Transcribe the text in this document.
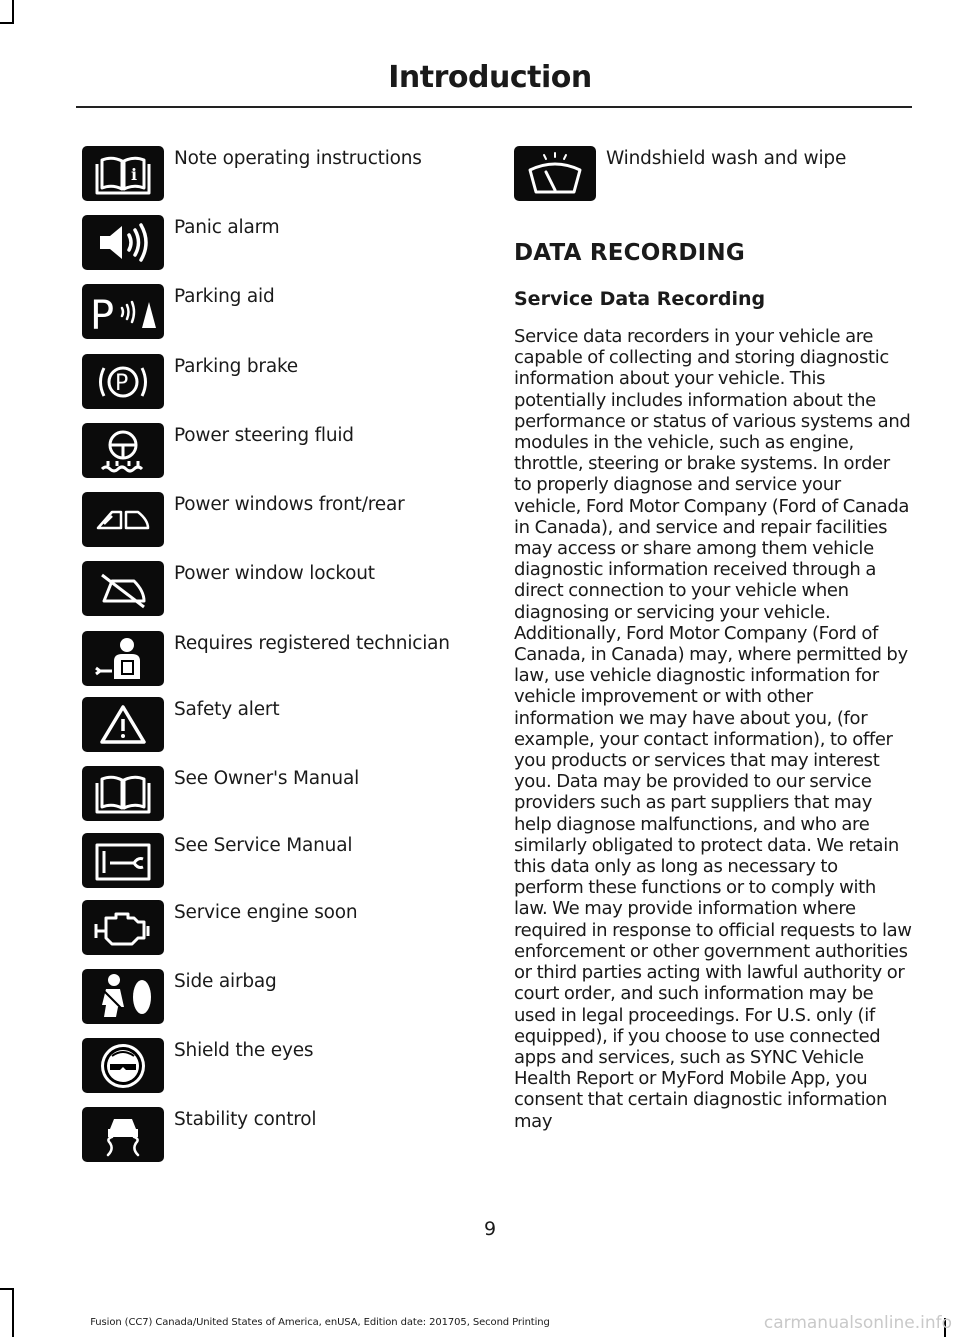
Introduction
i
Note operating instructions
Panic alarm
P	Parking aid
P
Parking brake
Power steering fluid
Power windows front/rear
Power window lockout
Requires registered technician
Safety alert
See Owner's Manual
See Service Manual
Service engine soon
Side airbag
Shield the eyes
Stability control
Windshield wash and wipe
DATA RECORDING
Service Data Recording
Service data recorders in your vehicle are capable of collecting and storing diagnostic information about your vehicle. This potentially includes information about the performance or status of various systems and modules in the vehicle, such as engine, throttle, steering or brake systems. In order to properly diagnose and service your vehicle, Ford Motor Company (Ford of Canada in Canada), and service and repair facilities may access or share among them vehicle diagnostic information received through a direct connection to your vehicle when diagnosing or servicing your vehicle. Additionally, Ford Motor Company (Ford of Canada, in Canada) may, where permitted by law, use vehicle diagnostic information for vehicle improvement or with other information we may have about you, (for example, your contact information), to offer you products or services that may interest you. Data may be provided to our service providers such as part suppliers that may help diagnose malfunctions, and who are similarly obligated to protect data. We retain this data only as long as necessary to perform these functions or to comply with law. We may provide information where required in response to official requests to law enforcement or other government authorities or third parties acting with lawful authority or court order, and such information may be used in legal proceedings. For U.S. only (if equipped), if you choose to use connected apps and services, such as SYNC Vehicle Health Report or MyFord Mobile App, you consent that certain diagnostic information may
9
Fusion (CC7) Canada/United States of America, enUSA, Edition date: 201705, Second Printing	carmanualsonline.info
